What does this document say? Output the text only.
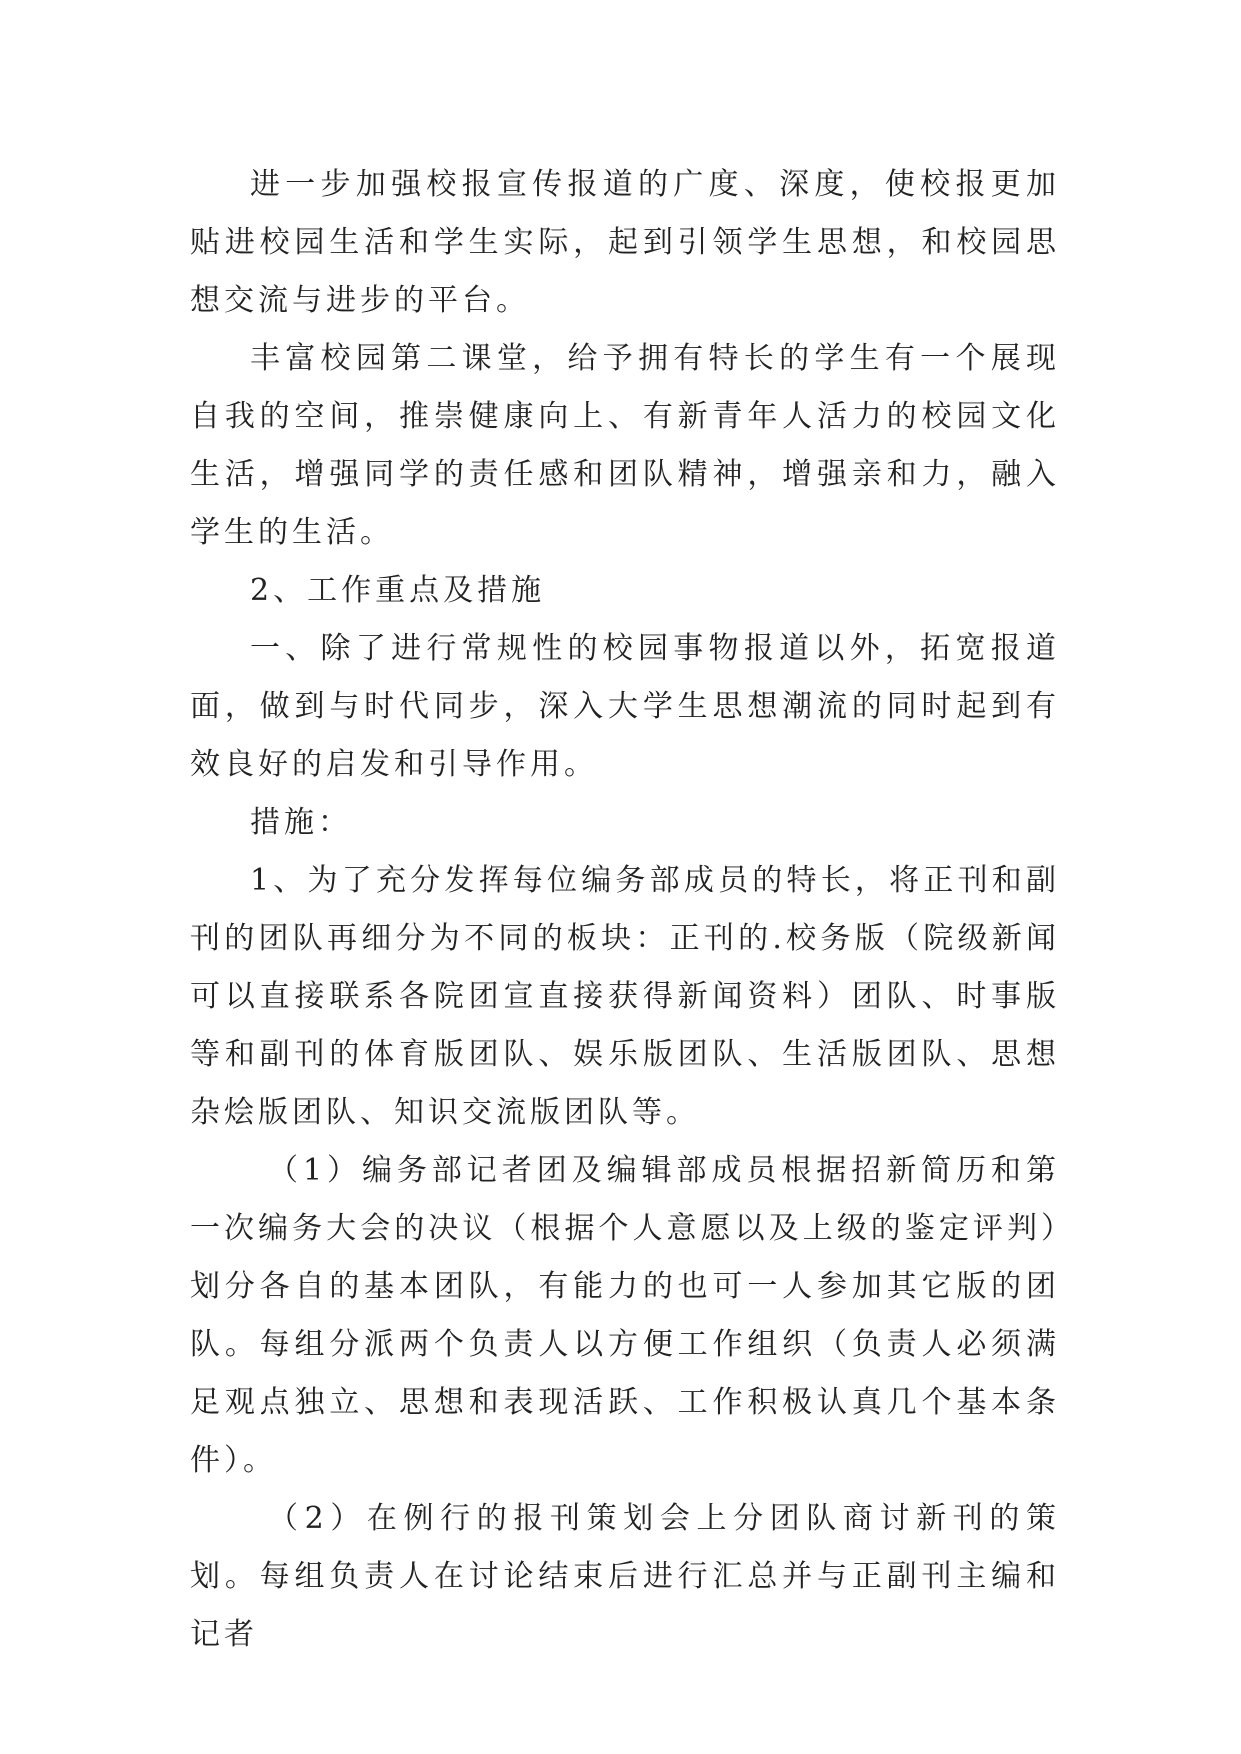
进一步加强校报宣传报道的广度、深度，使校报更加贴进校园生活和学生实际，起到引领学生思想，和校园思想交流与进步的平台。

丰富校园第二课堂，给予拥有特长的学生有一个展现自我的空间，推崇健康向上、有新青年人活力的校园文化生活，增强同学的责任感和团队精神，增强亲和力，融入学生的生活。

2、工作重点及措施

一、除了进行常规性的校园事物报道以外，拓宽报道面，做到与时代同步，深入大学生思想潮流的同时起到有效良好的启发和引导作用。

措施：

1、为了充分发挥每位编务部成员的特长，将正刊和副刊的团队再细分为不同的板块：正刊的.校务版（院级新闻可以直接联系各院团宣直接获得新闻资料）团队、时事版等和副刊的体育版团队、娱乐版团队、生活版团队、思想杂烩版团队、知识交流版团队等。

（1）编务部记者团及编辑部成员根据招新简历和第一次编务大会的决议（根据个人意愿以及上级的鉴定评判）划分各自的基本团队，有能力的也可一人参加其它版的团队。每组分派两个负责人以方便工作组织（负责人必须满足观点独立、思想和表现活跃、工作积极认真几个基本条件）。

（2）在例行的报刊策划会上分团队商讨新刊的策划。每组负责人在讨论结束后进行汇总并与正副刊主编和记者
